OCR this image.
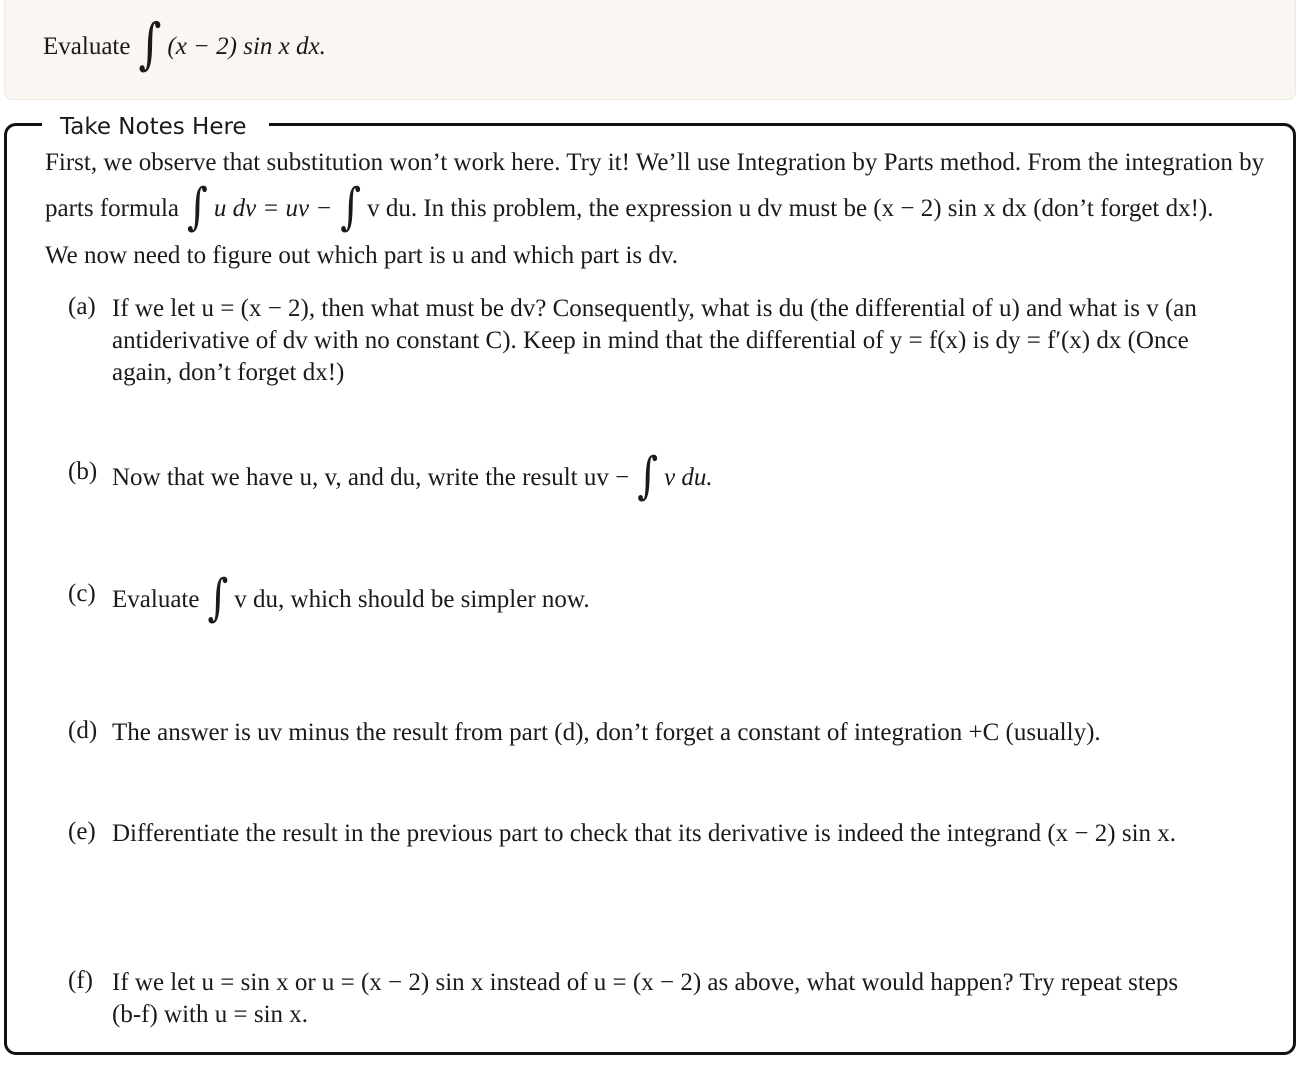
Evaluate ∫ (x − 2) sin x dx.
Take Notes Here
First, we observe that substitution won’t work here. Try it! We’ll use Integration by Parts method. From the integration by
parts formula ∫ u dv = uv − ∫ v du. In this problem, the expression u dv must be (x − 2) sin x dx (don’t forget dx!).
We now need to figure out which part is u and which part is dv.
(a) If we let u = (x − 2), then what must be dv? Consequently, what is du (the differential of u) and what is v (an
antiderivative of dv with no constant C). Keep in mind that the differential of y = f(x) is dy = f′(x) dx (Once
again, don’t forget dx!)
(b) Now that we have u, v, and du, write the result uv − ∫ v du.
(c) Evaluate ∫ v du, which should be simpler now.
(d) The answer is uv minus the result from part (d), don’t forget a constant of integration +C (usually).
(e) Differentiate the result in the previous part to check that its derivative is indeed the integrand (x − 2) sin x.
(f) If we let u = sin x or u = (x − 2) sin x instead of u = (x − 2) as above, what would happen? Try repeat steps
(b-f) with u = sin x.
